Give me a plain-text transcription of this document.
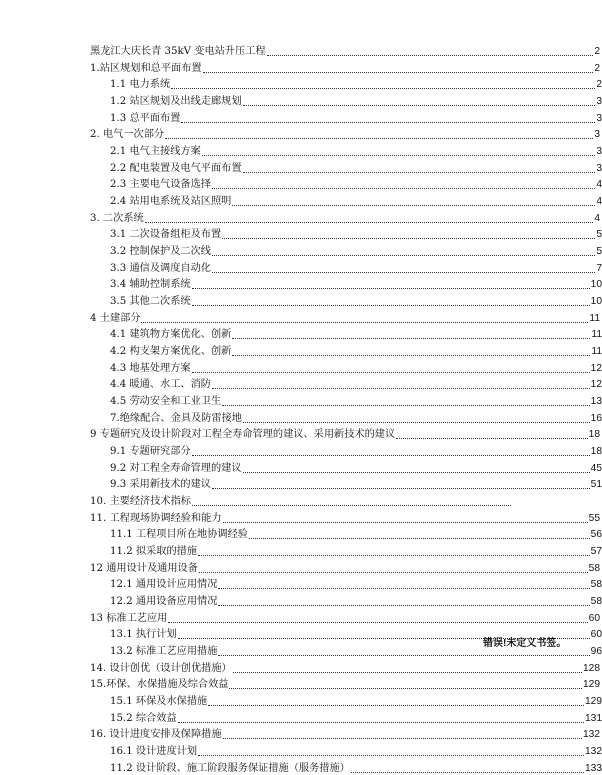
黑龙江大庆长青 35kV 变电站升压工程	2
1.站区规划和总平面布置	2
1.1 电力系统	2
1.2 站区规划及出线走廊规划	3
1.3 总平面布置	3
2. 电气一次部分	3
2.1 电气主接线方案	3
2.2 配电装置及电气平面布置	3
2.3 主要电气设备选择	4
2.4 站用电系统及站区照明	4
3. 二次系统	4
3.1 二次设备组柜及布置	5
3.2 控制保护及二次线	5
3.3 通信及调度自动化	7
3.4 辅助控制系统	10
3.5 其他二次系统	10
4 土建部分	11
4.1 建筑物方案优化、创新	11
4.2 构支架方案优化、创新	11
4.3 地基处理方案	12
4.4 暖通、水工、消防	12
4.5 劳动安全和工业卫生	13
7.绝缘配合、金具及防雷接地	16
9 专题研究及设计阶段对工程全寿命管理的建议、采用新技术的建议	18
9.1 专题研究部分	18
9.2 对工程全寿命管理的建议	45
9.3 采用新技术的建议	51
10. 主要经济技术指标
11. 工程现场协调经验和能力	55
11.1 工程项目所在地协调经验	56
11.2 拟采取的措施	57
12 通用设计及通用设备	58
12.1 通用设计应用情况	58
12.2 通用设备应用情况	58
13 标准工艺应用	60
13.1 执行计划	60
13.2 标准工艺应用措施	96
14. 设计创优（设计创优措施）	128
15.环保、水保措施及综合效益	129
15.1 环保及水保措施	129
15.2 综合效益	131
16. 设计进度安排及保障措施	132
16.1 设计进度计划	132
11.2 设计阶段、施工阶段服务保证措施（服务措施）	133
错误!未定义书签。
